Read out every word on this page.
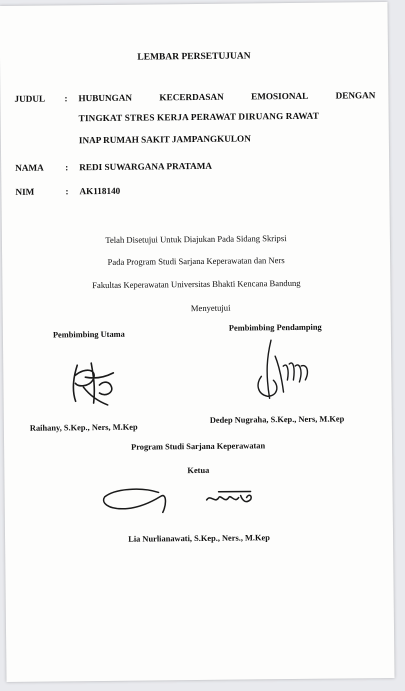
LEMBAR PERSETUJUAN
JUDUL : HUBUNGAN	KECERDASAN	EMOSIONAL	DENGAN
TINGKAT STRES KERJA PERAWAT DIRUANG RAWAT
INAP RUMAH SAKIT JAMPANGKULON
NAMA : REDI SUWARGANA PRATAMA
NIM	: AK118140
Telah Disetujui Untuk Diajukan Pada Sidang Skripsi
Pada Program Studi Sarjana Keperawatan dan Ners
Fakultas Keperawatan Universitas Bhakti Kencana Bandung
Menyetujui
Pembimbing Utama
Pembimbing Pendamping
Raihany, S.Kep., Ners, M.Kep
Dedep Nugraha, S.Kep., Ners, M.Kep
Program Studi Sarjana Keperawatan
Ketua
Lia Nurlianawati, S.Kep., Ners., M.Kep
